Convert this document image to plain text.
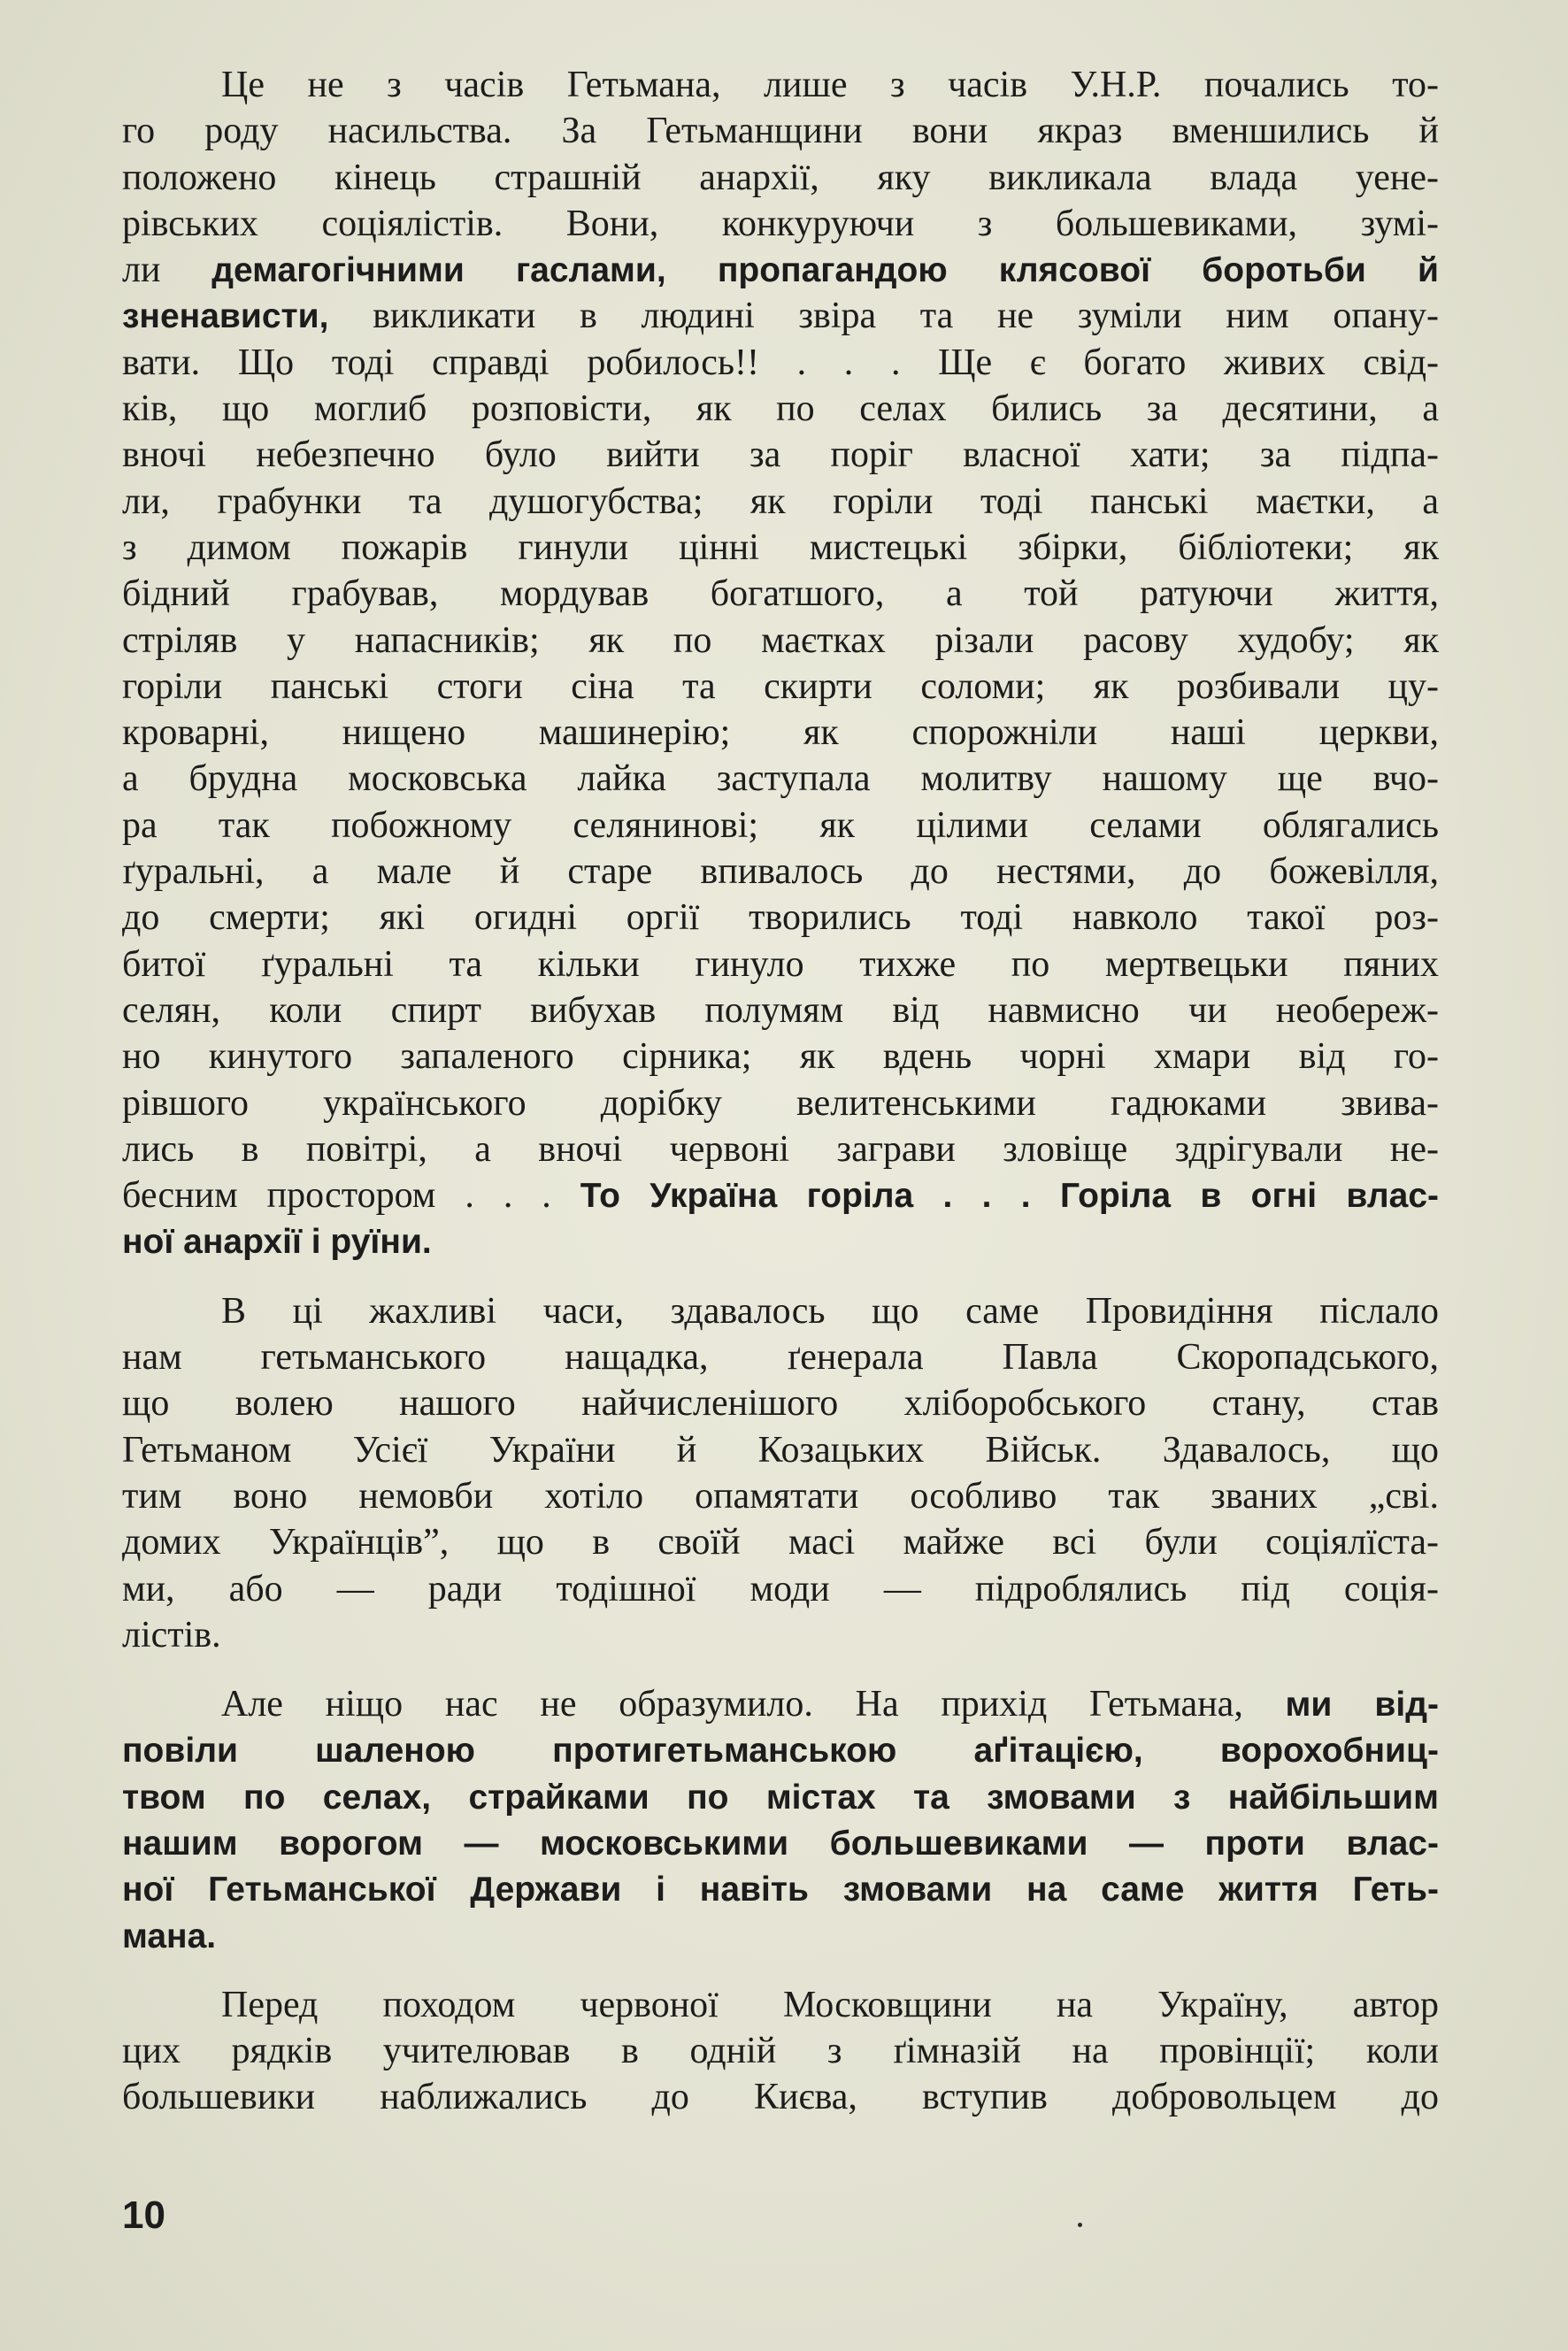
Це не з часів Гетьмана, лише з часів У.Н.Р. почались то-
го роду насильства. За Гетьманщини вони якраз вменшились й
положено кінець страшній анархії, яку викликала влада уене-
рівських соціялістів. Вони, конкуруючи з большевиками, зумі-
ли демагогічними гаслами, пропагандою клясової боротьби й
зненависти, викликати в людині звіра та не зуміли ним опану-
вати. Що тоді справді робилось!! . . . Ще є богато живих свід-
ків, що моглиб розповісти, як по селах бились за десятини, а
вночі небезпечно було вийти за поріг власної хати; за підпа-
ли, грабунки та душогубства; як горіли тоді панські маєтки, а
з димом пожарів гинули цінні мистецькі збірки, бібліотеки; як
бідний грабував, мордував богатшого, а той ратуючи життя,
стріляв у напасників; як по маєтках різали расову худобу; як
горіли панські стоги сіна та скирти соломи; як розбивали цу-
кроварні, нищено машинерію; як спорожніли наші церкви,
а брудна московська лайка заступала молитву нашому ще вчо-
ра так побожному селянинові; як цілими селами облягались
ґуральні, а мале й старе впивалось до нестями, до божевілля,
до смерти; які огидні оргії творились тоді навколо такої роз-
битої ґуральні та кільки гинуло тихже по мертвецьки пяних
селян, коли спирт вибухав полумям від навмисно чи необереж-
но кинутого запаленого сірника; як вдень чорні хмари від го-
рівшого українського дорібку велитенськими гадюками звива-
лись в повітрі, а вночі червоні заграви зловіще здрігували не-
бесним простором . . . То Україна горіла . . . Горіла в огні влас-
ної анархії і руїни.
В ці жахливі часи, здавалось що саме Провидіння післало
нам гетьманського нащадка, ґенерала Павла Скоропадського,
що волею нашого найчисленішого хліборобського стану, став
Гетьманом Усієї України й Козацьких Військ. Здавалось, що
тим воно немовби хотіло опамятати особливо так званих „сві.
домих Українців”, що в своїй масі майже всі були соціялїста-
ми, або — ради тодішної моди — підроблялись під соція-
лістів.
Але ніщо нас не образумило. На прихід Гетьмана, ми від-
повіли шаленою протигетьманською аґітацією, ворохобниц-
твом по селах, страйками по містах та змовами з найбільшим
нашим ворогом — московськими большевиками — проти влас-
ної Гетьманської Держави і навіть змовами на саме життя Геть-
мана.
Перед походом червоної Московщини на Україну, автор
цих рядків учителював в одній з ґімназій на провінції; коли
большевики наближались до Києва, вступив добровольцем до
10
